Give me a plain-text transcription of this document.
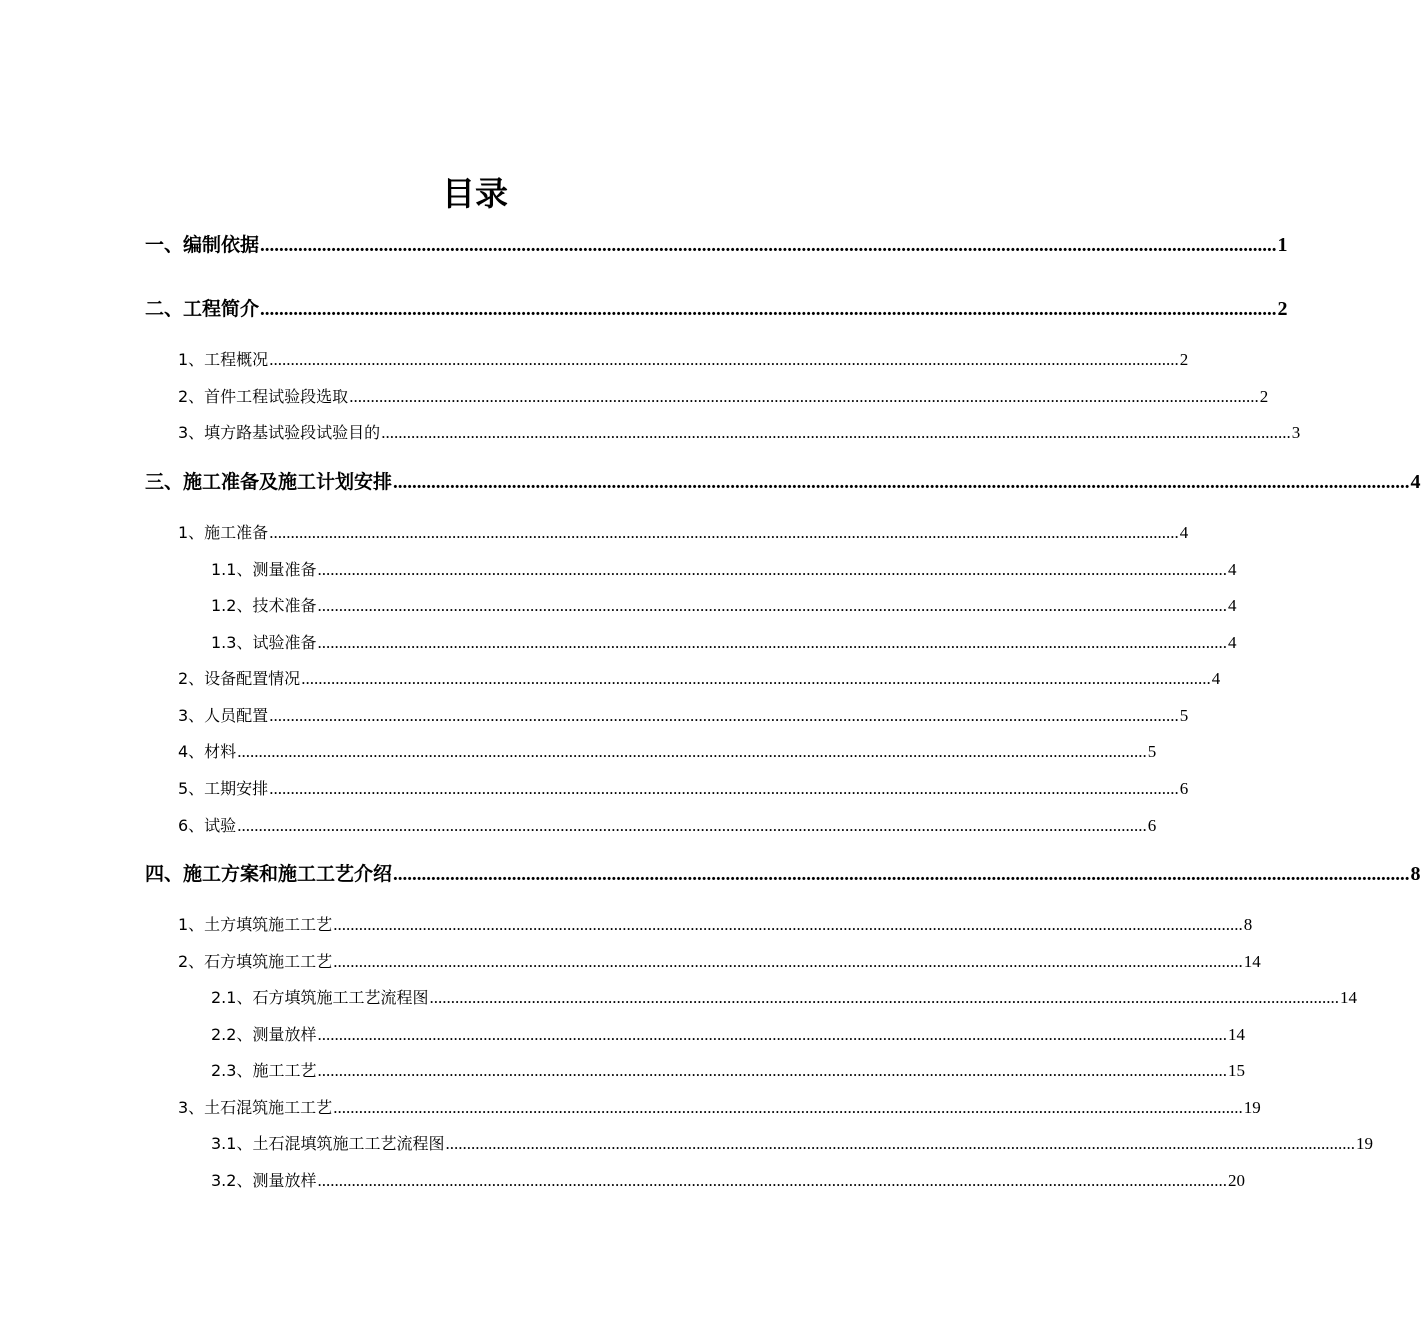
目录
一、编制依据 ...................................................................................................................................................................................................................... 1
二、工程简介 ...................................................................................................................................................................................................................... 2
1、工程概况 ...................................................................................................................................................................................................................... 2
2、首件工程试验段选取 ...................................................................................................................................................................................................................... 2
3、填方路基试验段试验目的 ...................................................................................................................................................................................................................... 3
三、施工准备及施工计划安排 ...................................................................................................................................................................................................................... 4
1、施工准备 ...................................................................................................................................................................................................................... 4
1.1、测量准备 ...................................................................................................................................................................................................................... 4
1.2、技术准备 ...................................................................................................................................................................................................................... 4
1.3、试验准备 ...................................................................................................................................................................................................................... 4
2、设备配置情况 ...................................................................................................................................................................................................................... 4
3、人员配置 ...................................................................................................................................................................................................................... 5
4、材料 ...................................................................................................................................................................................................................... 5
5、工期安排 ...................................................................................................................................................................................................................... 6
6、试验 ...................................................................................................................................................................................................................... 6
四、施工方案和施工工艺介绍 ...................................................................................................................................................................................................................... 8
1、土方填筑施工工艺 ...................................................................................................................................................................................................................... 8
2、石方填筑施工工艺 ...................................................................................................................................................................................................................... 14
2.1、石方填筑施工工艺流程图 ...................................................................................................................................................................................................................... 14
2.2、测量放样 ...................................................................................................................................................................................................................... 14
2.3、施工工艺 ...................................................................................................................................................................................................................... 15
3、土石混筑施工工艺 ...................................................................................................................................................................................................................... 19
3.1、土石混填筑施工工艺流程图 ...................................................................................................................................................................................................................... 19
3.2、测量放样 ...................................................................................................................................................................................................................... 20
